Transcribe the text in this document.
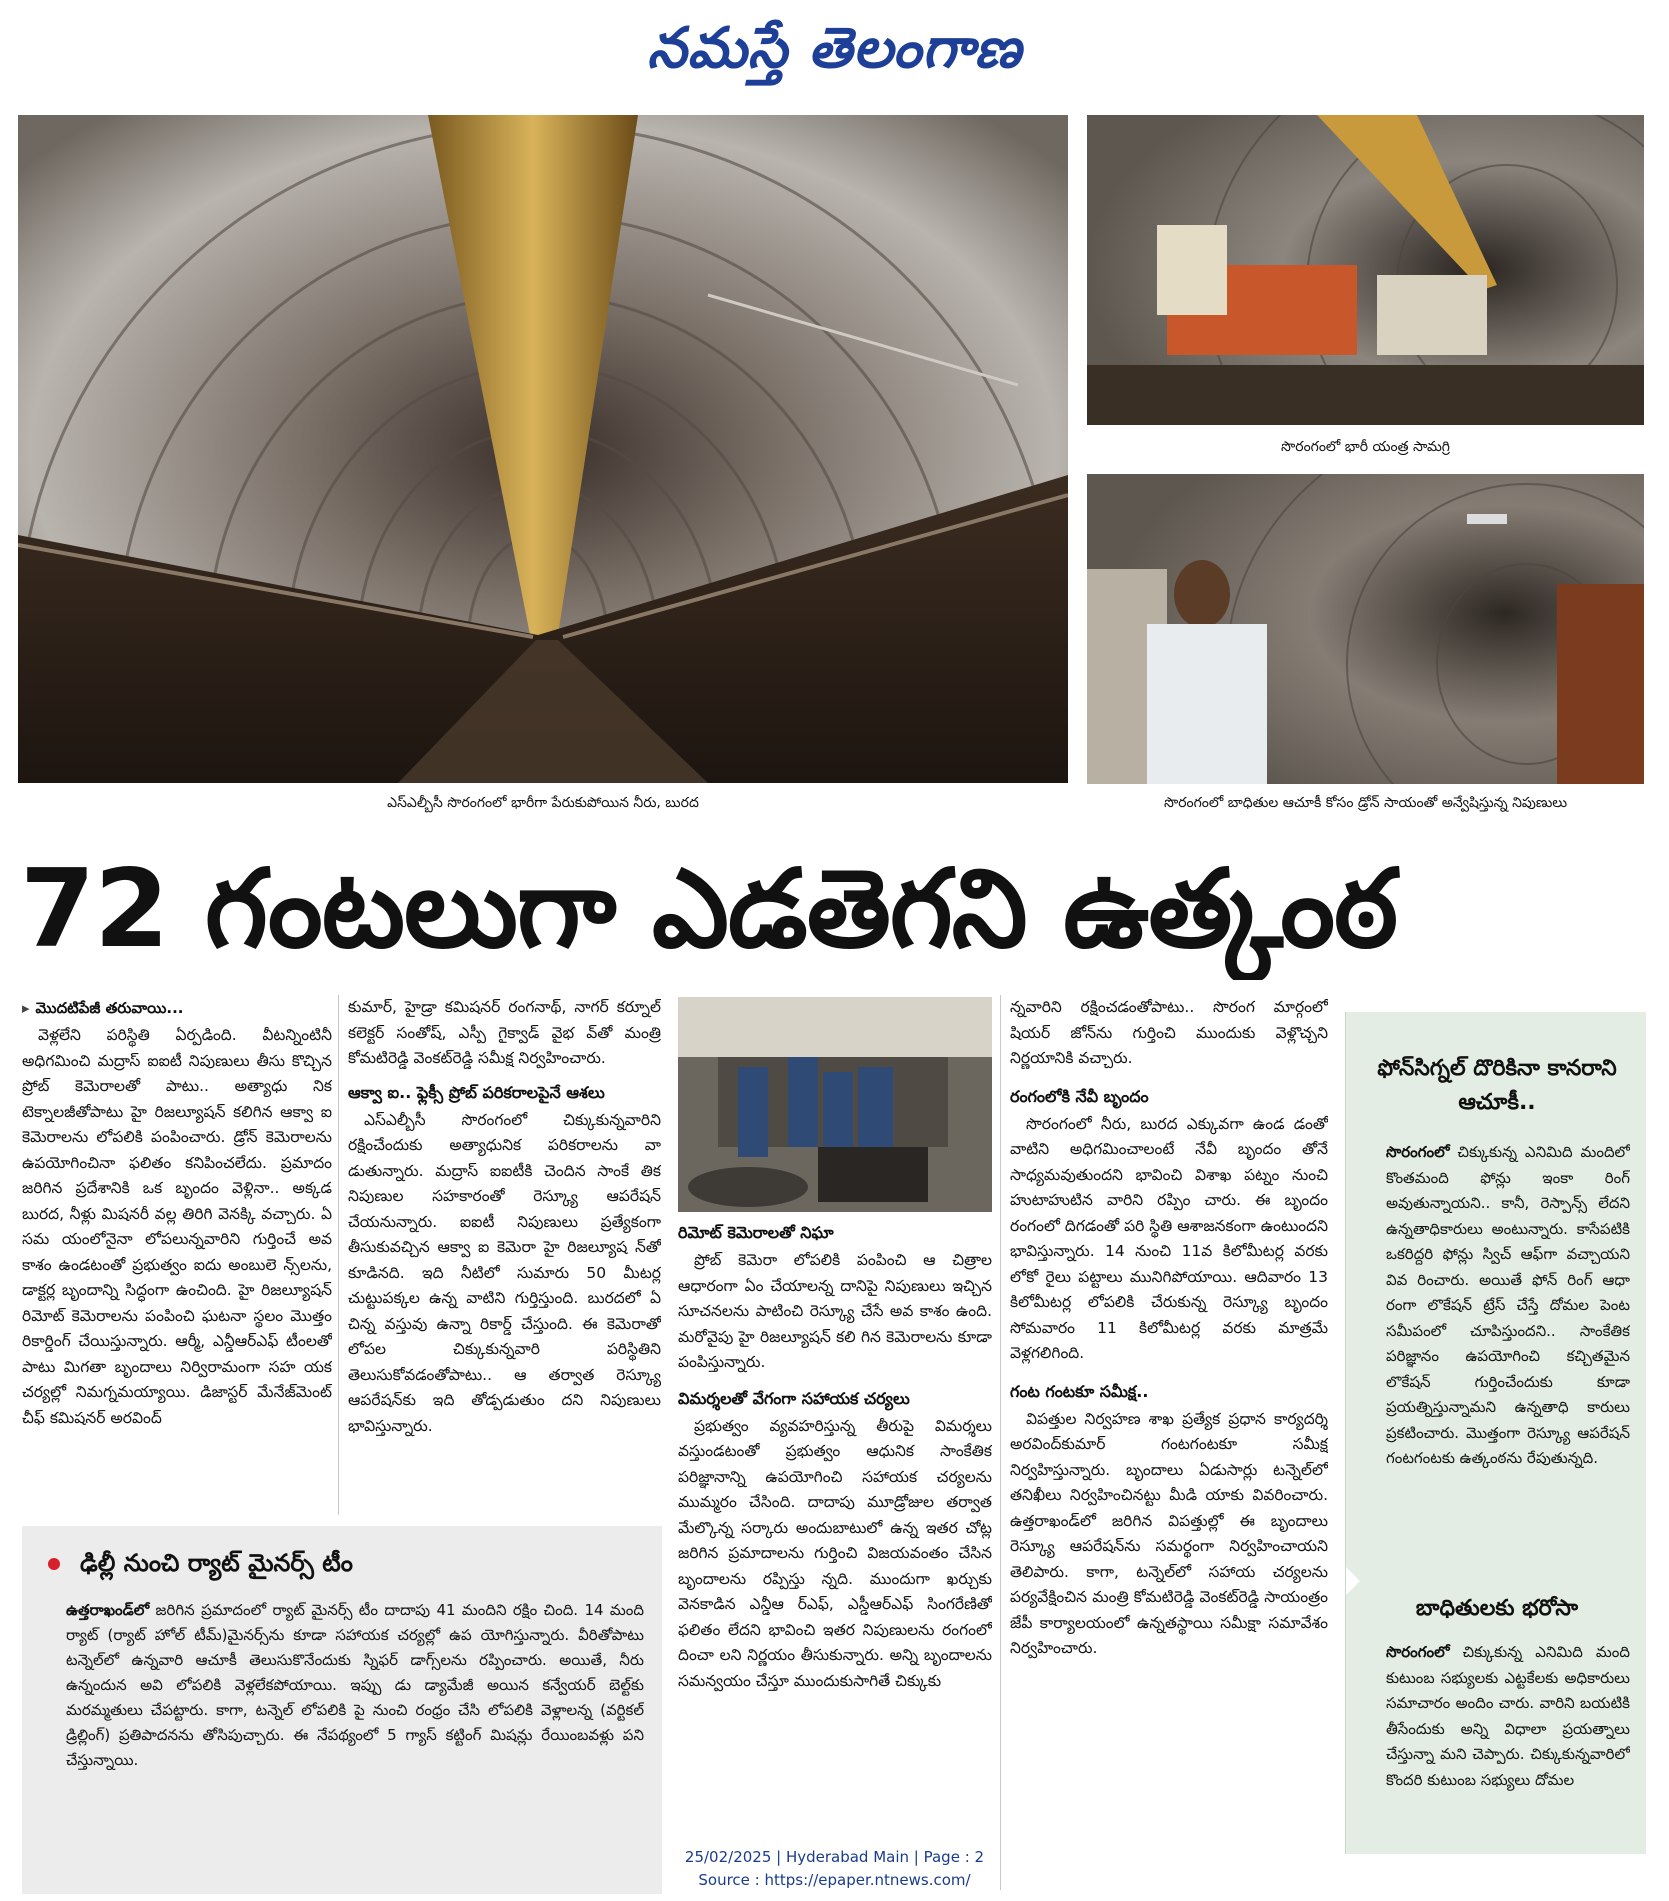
నమస్తే తెలంగాణ
సొరంగంలో భారీ యంత్ర సామగ్రి
సొరంగంలో బాధితుల ఆచూకీ కోసం డ్రోన్ సాయంతో అన్వేషిస్తున్న నిపుణులు
ఎస్ఎల్బీసీ సొరంగంలో భారీగా పేరుకుపోయిన నీరు, బురద
72 గంటలుగా ఎడతెగని ఉత్కంఠ
▸ మొదటిపేజీ తరువాయి...

వెళ్లలేని పరిస్థితి ఏర్పడింది. వీటన్నింటినీ అధిగమించి మద్రాస్ ఐఐటీ నిపుణులు తీసు కొచ్చిన ప్రోబ్ కెమెరాలతో పాటు.. అత్యాధు నిక టెక్నాలజీతోపాటు హై రిజల్యూషన్ కలిగిన ఆక్వా ఐ కెమెరాలను లోపలికి పంపించారు. డ్రోన్ కెమెరాలను ఉపయోగించినా ఫలితం కనిపించలేదు. ప్రమాదం జరిగిన ప్రదేశానికి ఒక బృందం వెళ్లినా.. అక్కడ బురద, నీళ్లు మిషనరీ వల్ల తిరిగి వెనక్కి వచ్చారు. ఏ సమ యంలోనైనా లోపలున్నవారిని గుర్తించే అవ కాశం ఉండటంతో ప్రభుత్వం ఐదు అంబులె న్స్‌లను, డాక్టర్ల బృందాన్ని సిద్ధంగా ఉంచింది. హై రిజల్యూషన్ రిమోట్ కెమెరాలను పంపించి ఘటనా స్థలం మొత్తం రికార్డింగ్ చేయిస్తున్నారు. ఆర్మీ, ఎన్డీఆర్ఎఫ్ టీంలతో పాటు మిగతా బృందాలు నిర్విరామంగా సహ యక చర్యల్లో నిమగ్నమయ్యాయి. డిజాస్టర్ మేనేజ్‌మెంట్ చీఫ్ కమిషనర్ అరవింద్

కుమార్, హైడ్రా కమిషనర్ రంగనాథ్, నాగర్ కర్నూల్ కలెక్టర్ సంతోష్, ఎస్పీ గైక్వాడ్ వైభ వ్‌తో మంత్రి కోమటిరెడ్డి వెంకట్‌రెడ్డి సమీక్ష నిర్వహించారు.

ఆక్వా ఐ.. ఫ్లెక్సీ ప్రోబ్ పరికరాలపైనే ఆశలు

ఎస్ఎల్బీసీ సొరంగంలో చిక్కుకున్నవారిని రక్షించేందుకు అత్యాధునిక పరికరాలను వా డుతున్నారు. మద్రాస్ ఐఐటీకి చెందిన సాంకే తిక నిపుణుల సహకారంతో రెస్క్యూ ఆపరేషన్ చేయనున్నారు. ఐఐటీ నిపుణులు ప్రత్యేకంగా తీసుకువచ్చిన ఆక్వా ఐ కెమెరా హై రిజల్యూష న్‌తో కూడినది. ఇది నీటిలో సుమారు 50 మీటర్ల చుట్టుపక్కల ఉన్న వాటిని గుర్తిస్తుంది. బురదలో ఏ చిన్న వస్తువు ఉన్నా రికార్డ్ చేస్తుంది. ఈ కెమెరాతో లోపల చిక్కుకున్నవారి పరిస్థితిని తెలుసుకోవడంతోపాటు.. ఆ తర్వాత రెస్క్యూ ఆపరేషన్‌కు ఇది తోడ్పడుతుం దని నిపుణులు భావిస్తున్నారు.

ఢిల్లీ నుంచి ర్యాట్ మైనర్స్ టీం
ఉత్తరాఖండ్‌లో జరిగిన ప్రమాదంలో ర్యాట్ మైనర్స్ టీం దాదాపు 41 మందిని రక్షిం చింది. 14 మంది ర్యాట్ (ర్యాట్ హోల్ టీమ్)మైనర్స్‌ను కూడా సహాయక చర్యల్లో ఉప యోగిస్తున్నారు. వీరితోపాటు టన్నెల్‌లో ఉన్నవారి ఆచూకీ తెలుసుకొనేందుకు స్నిఫర్ డాగ్స్‌లను రప్పించారు. అయితే, నీరు ఉన్నందున అవి లోపలికి వెళ్లలేకపోయాయి. ఇప్పు డు డ్యామేజీ అయిన కన్వేయర్ బెల్ట్‌కు మరమ్మతులు చేపట్టారు. కాగా, టన్నెల్ లోపలికి పై నుంచి రంధ్రం చేసి లోపలికి వెళ్లాలన్న (వర్టికల్ డ్రిల్లింగ్) ప్రతిపాదనను తోసిపుచ్చారు. ఈ నేపథ్యంలో 5 గ్యాస్ కట్టింగ్ మిషన్లు రేయింబవళ్లు పని చేస్తున్నాయి.
రిమోట్ కెమెరాలతో నిఘా

ప్రోబ్ కెమెరా లోపలికి పంపించి ఆ చిత్రాల ఆధారంగా ఏం చేయాలన్న దానిపై నిపుణులు ఇచ్చిన సూచనలను పాటించి రెస్క్యూ చేసే అవ కాశం ఉంది. మరోవైపు హై రిజల్యూషన్ కలి గిన కెమెరాలను కూడా పంపిస్తున్నారు.

విమర్శలతో వేగంగా సహాయక చర్యలు

ప్రభుత్వం వ్యవహరిస్తున్న తీరుపై విమర్శలు వస్తుండటంతో ప్రభుత్వం ఆధునిక సాంకేతిక పరిజ్ఞానాన్ని ఉపయోగించి సహాయక చర్యలను ముమ్మరం చేసింది. దాదాపు మూడ్రోజుల తర్వాత మేల్కొన్న సర్కారు అందుబాటులో ఉన్న ఇతర చోట్ల జరిగిన ప్రమాదాలను గుర్తించి విజయవంతం చేసిన బృందాలను రప్పిస్తు న్నది. ముందుగా ఖర్చుకు వెనకాడిన ఎన్డీఆ ర్ఎఫ్, ఎస్డీఆర్ఎఫ్ సింగరేణితో ఫలితం లేదని భావించి ఇతర నిపుణులను రంగంలో దించా లని నిర్ణయం తీసుకున్నారు. అన్ని బృందాలను సమన్వయం చేస్తూ ముందుకుసాగితే చిక్కుకు

న్నవారిని రక్షించడంతోపాటు.. సొరంగ మార్గంలో షియర్ జోన్‌ను గుర్తించి ముందుకు వెళ్లొచ్చని నిర్ణయానికి వచ్చారు.

రంగంలోకి నేవీ బృందం

సొరంగంలో నీరు, బురద ఎక్కువగా ఉండ డంతో వాటిని అధిగమించాలంటే నేవీ బృందం తోనే సాధ్యమవుతుందని భావించి విశాఖ పట్నం నుంచి హుటాహుటిన వారిని రప్పిం చారు. ఈ బృందం రంగంలో దిగడంతో పరి స్థితి ఆశాజనకంగా ఉంటుందని భావిస్తున్నారు. 14 నుంచి 11వ కిలోమీటర్ల వరకు లోకో రైలు పట్టాలు మునిగిపోయాయి. ఆదివారం 13 కిలోమీటర్ల లోపలికి చేరుకున్న రెస్క్యూ బృందం సోమవారం 11 కిలోమీటర్ల వరకు మాత్రమే వెళ్లగలిగింది.

గంట గంటకూ సమీక్ష..

విపత్తుల నిర్వహణ శాఖ ప్రత్యేక ప్రధాన కార్యదర్శి అరవింద్‌కుమార్ గంటగంటకూ సమీక్ష నిర్వహిస్తున్నారు. బృందాలు ఏడుసార్లు టన్నెల్‌లో తనిఖీలు నిర్వహించినట్టు మీడి యాకు వివరించారు. ఉత్తరాఖండ్‌లో జరిగిన విపత్తుల్లో ఈ బృందాలు రెస్క్యూ ఆపరేషన్‌ను సమర్థంగా నిర్వహించాయని తెలిపారు. కాగా, టన్నెల్‌లో సహాయ చర్యలను పర్యవేక్షించిన మంత్రి కోమటిరెడ్డి వెంకట్‌రెడ్డి సాయంత్రం జేపీ కార్యాలయంలో ఉన్నతస్థాయి సమీక్షా సమావేశం నిర్వహించారు.

ఫోన్‌సిగ్నల్ దొరికినా కానరాని ఆచూకీ..
సొరంగంలో చిక్కుకున్న ఎనిమిది మందిలో కొంతమంది ఫోన్లు ఇంకా రింగ్ అవుతున్నాయని.. కానీ, రెస్పాన్స్ లేదని ఉన్నతాధికారులు అంటున్నారు. కాసేపటికి ఒకరిద్దరి ఫోన్లు స్విచ్ ఆఫ్‌గా వచ్చాయని వివ రించారు. అయితే ఫోన్ రింగ్ ఆధా రంగా లొకేషన్ ట్రేస్ చేస్తే దోమల పెంట సమీపంలో చూపిస్తుందని.. సాంకేతిక పరిజ్ఞానం ఉపయోగించి కచ్చితమైన లొకేషన్ గుర్తించేందుకు కూడా ప్రయత్నిస్తున్నామని ఉన్నతాధి కారులు ప్రకటించారు. మొత్తంగా రెస్క్యూ ఆపరేషన్ గంటగంటకు ఉత్కంఠను రేపుతున్నది.
బాధితులకు భరోసా
సొరంగంలో చిక్కుకున్న ఎనిమిది మంది కుటుంబ సభ్యులకు ఎట్టకేలకు అధికారులు సమాచారం అందిం చారు. వారిని బయటికి తీసేందుకు అన్ని విధాలా ప్రయత్నాలు చేస్తున్నా మని చెప్పారు. చిక్కుకున్నవారిలో కొందరి కుటుంబ సభ్యులు దోమల
25/02/2025 | Hyderabad Main | Page : 2
Source : https://epaper.ntnews.com/
